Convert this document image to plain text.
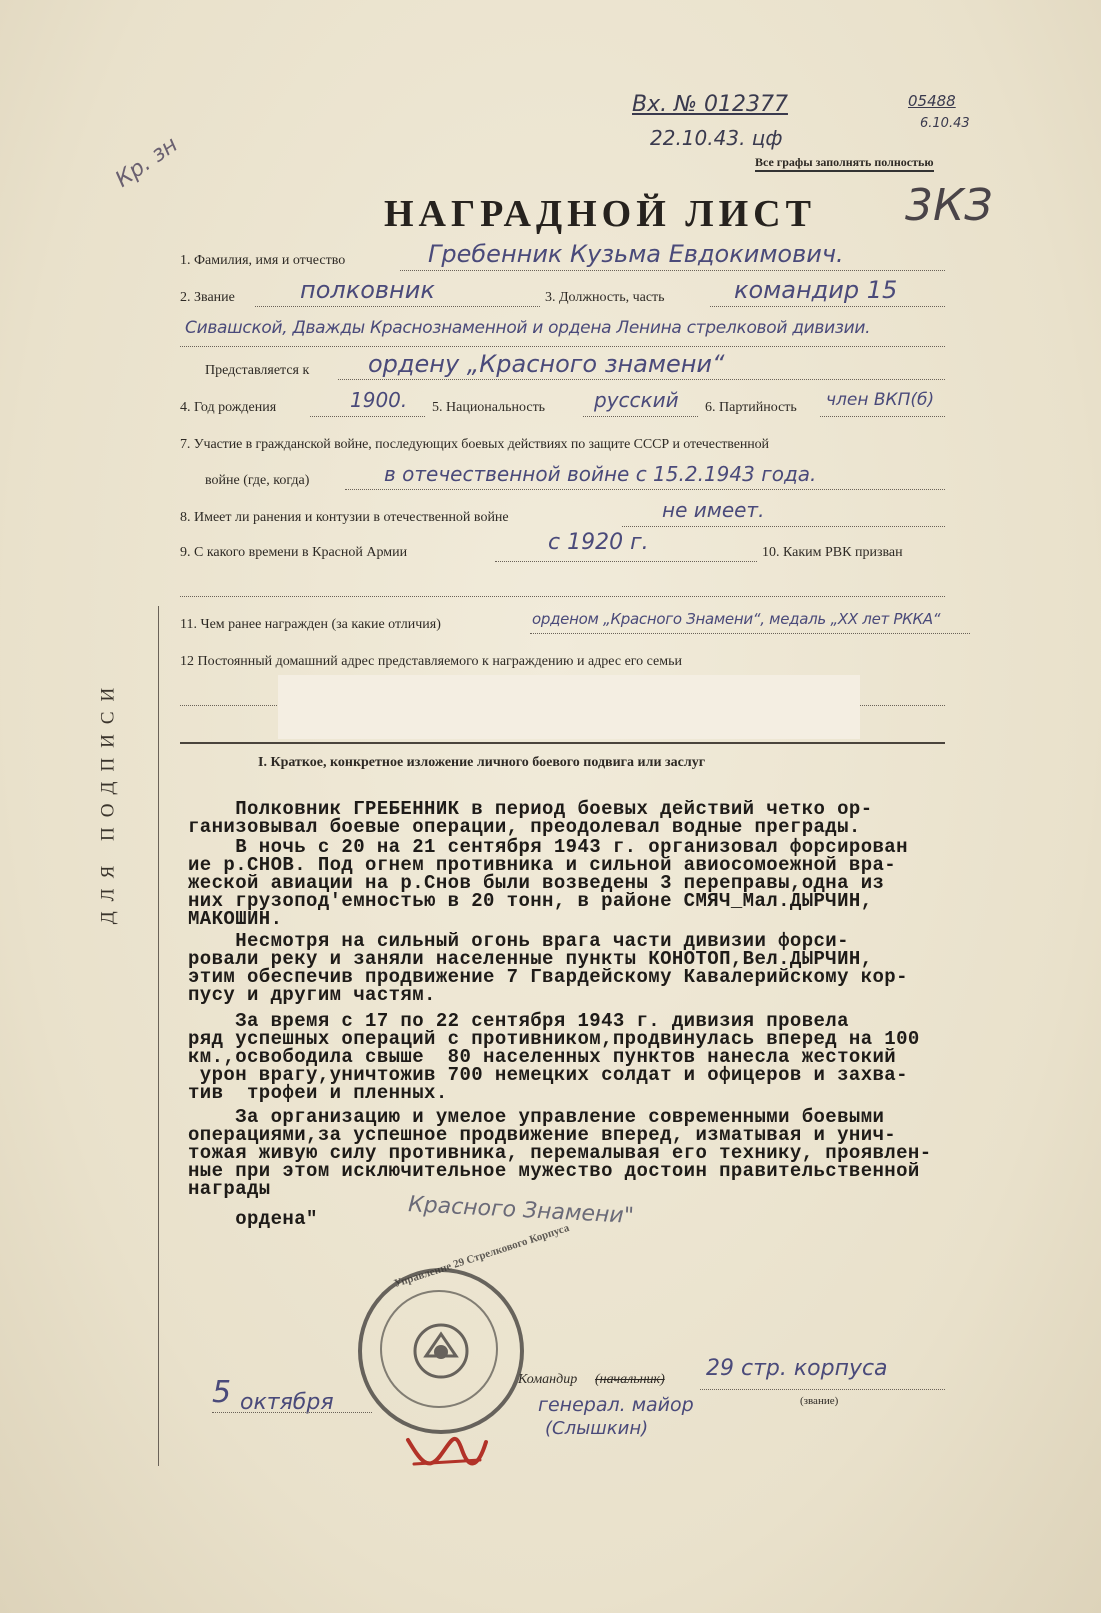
Вх. № 012377
22.10.43. цф
05488
6.10.43
Все графы заполнять полностью
Кр. зн
3КЗ
НАГРАДНОЙ ЛИСТ
1. Фамилия, имя и отчество	Гребенник Кузьма Евдокимович.
2. Звание	полковник	3. Должность, часть	командир 15
Сивашской, Дважды Краснознаменной и ордена Ленина стрелковой дивизии.
Представляется к ордену „Красного знамени“
4. Год рождения	1900. 5. Национальность русский 6. Партийность член ВКП(б)
7. Участие в гражданской войне, последующих боевых действиях по защите СССР и отечественной
войне (где, когда)	в отечественной войне с 15.2.1943 года.
8. Имеет ли ранения и контузии в отечественной войне	не имеет.
9. С какого времени в Красной Армии	с 1920 г.	10. Каким РВК призван
11. Чем ранее награжден (за какие отличия)	орденом „Красного Знамени“, медаль „XX лет РККА“
12 Постоянный домашний адрес представляемого к награждению и адрес его семьи
ДЛЯ ПОДПИСИ	I. Краткое, конкретное изложение личного боевого подвига или заслуг
Полковник ГРЕБЕННИК в период боевых действий четко ор-
ганизовывал боевые операции, преодолевал водные преграды.
В ночь с 20 на 21 сентября 1943 г. организовал форсирован
ие р.СНОВ. Под огнем противника и сильной авиосомоежной вра-
жеской авиации на р.Снов были возведены 3 переправы,одна из
них грузопод'емностью в 20 тонн, в районе СМЯЧ_Мал.ДЫРЧИН,
МАКОШИН.
Несмотря на сильный огонь врага части дивизии форси-
ровали реку и заняли населенные пункты КОНОТОП,Вел.ДЫРЧИН,
этим обеспечив продвижение 7 Гвардейскому Кавалерийскому кор-
пусу и другим частям.
За время с 17 по 22 сентября 1943 г. дивизия провела
ряд успешных операций с противником,продвинулась вперед на 100
км.,освободила свыше  80 населенных пунктов нанесла жестокий
урон врагу,уничтожив 700 немецких солдат и офицеров и захва-
тив  трофеи и пленных.
За организацию и умелое управление современными боевыми
операциями,за успешное продвижение вперед, изматывая и унич-
тожая живую силу противника, перемалывая его технику, проявлен-
ные при этом исключительное мужество достоин правительственной
награды
ордена"	Красного Знамени"
Управление 29 Стрелкового Корпуса
Командир (начальник) 29 стр. корпуса
(звание)
генерал. майор
(Слышкин)
5 октября
